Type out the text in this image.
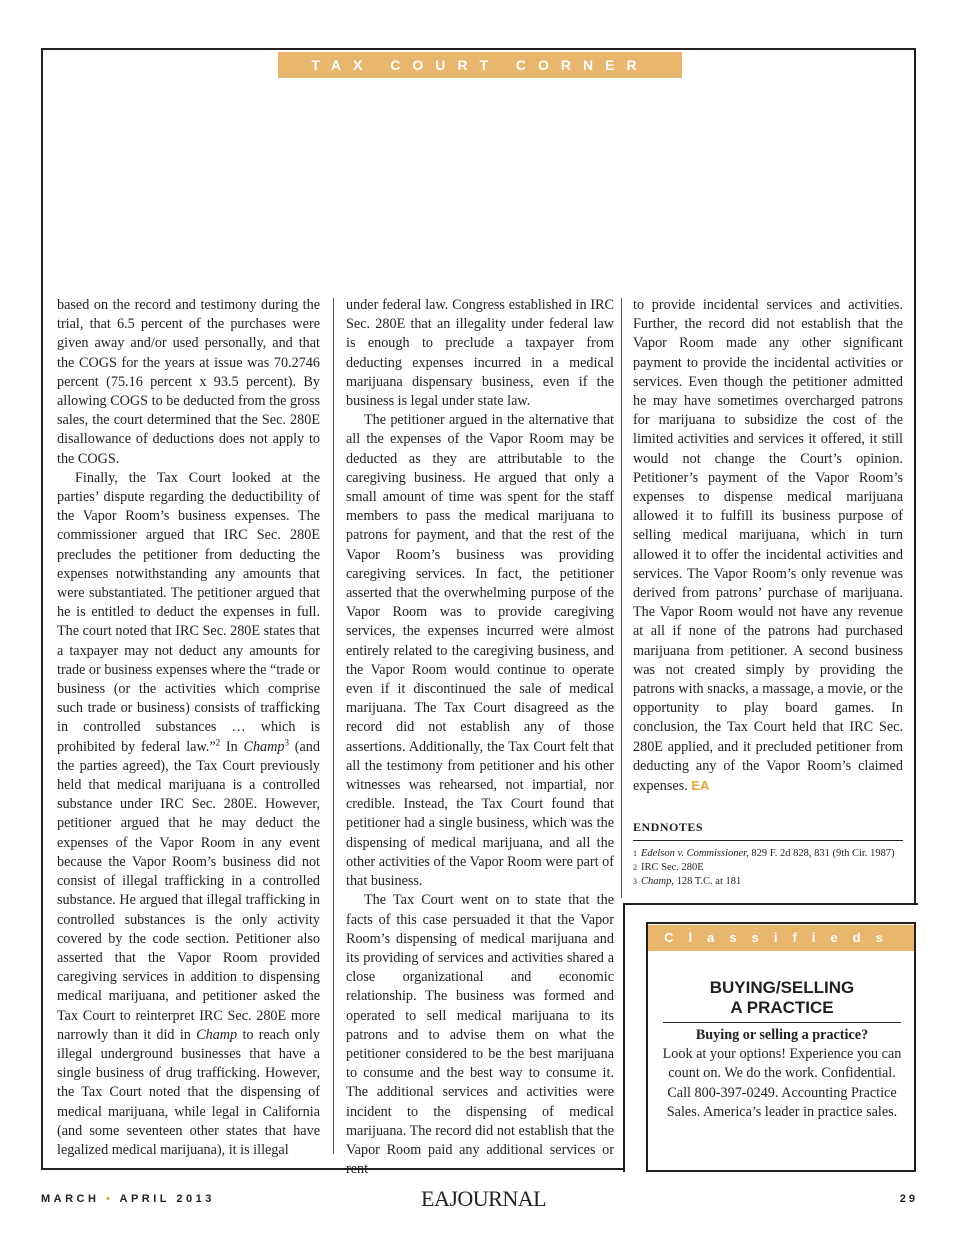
TAX COURT CORNER

based on the record and testimony during the trial, that 6.5 percent of the purchases were given away and/or used personally, and that the COGS for the years at issue was 70.2746 percent (75.16 percent x 93.5 percent). By allowing COGS to be deducted from the gross sales, the court determined that the Sec. 280E disallowance of deductions does not apply to the COGS.

Finally, the Tax Court looked at the parties’ dispute regarding the deductibility of the Vapor Room’s business expenses. The commissioner argued that IRC Sec. 280E precludes the petitioner from deducting the expenses notwithstanding any amounts that were substantiated. The petitioner argued that he is entitled to deduct the expenses in full. The court noted that IRC Sec. 280E states that a taxpayer may not deduct any amounts for trade or business expenses where the “trade or business (or the activities which comprise such trade or business) consists of trafficking in controlled substances … which is prohibited by federal law.”$^2$ In Champ$^3$ (and the parties agreed), the Tax Court previously held that medical marijuana is a controlled substance under IRC Sec. 280E. However, petitioner argued that he may deduct the expenses of the Vapor Room in any event because the Vapor Room’s business did not consist of illegal trafficking in a controlled substance. He argued that illegal trafficking in controlled substances is the only activity covered by the code section. Petitioner also asserted that the Vapor Room provided caregiving services in addition to dispensing medical marijuana, and petitioner asked the Tax Court to reinterpret IRC Sec. 280E more narrowly than it did in Champ to reach only illegal underground businesses that have a single business of drug trafficking. However, the Tax Court noted that the dispensing of medical marijuana, while legal in California (and some seventeen other states that have legalized medical marijuana), it is illegal

under federal law. Congress established in IRC Sec. 280E that an illegality under federal law is enough to preclude a taxpayer from deducting expenses incurred in a medical marijuana dispensary business, even if the business is legal under state law.

The petitioner argued in the alternative that all the expenses of the Vapor Room may be deducted as they are attributable to the caregiving business. He argued that only a small amount of time was spent for the staff members to pass the medical marijuana to patrons for payment, and that the rest of the Vapor Room’s business was providing caregiving services. In fact, the petitioner asserted that the overwhelming purpose of the Vapor Room was to provide caregiving services, the expenses incurred were almost entirely related to the caregiving business, and the Vapor Room would continue to operate even if it discontinued the sale of medical marijuana. The Tax Court disagreed as the record did not establish any of those assertions. Additionally, the Tax Court felt that all the testimony from petitioner and his other witnesses was rehearsed, not impartial, nor credible. Instead, the Tax Court found that petitioner had a single business, which was the dispensing of medical marijuana, and all the other activities of the Vapor Room were part of that business.

The Tax Court went on to state that the facts of this case persuaded it that the Vapor Room’s dispensing of medical marijuana and its providing of services and activities shared a close organizational and economic relationship. The business was formed and operated to sell medical marijuana to its patrons and to advise them on what the petitioner considered to be the best marijuana to consume and the best way to consume it. The additional services and activities were incident to the dispensing of medical marijuana. The record did not establish that the Vapor Room paid any additional services or rent

to provide incidental services and activities. Further, the record did not establish that the Vapor Room made any other significant payment to provide the incidental activities or services. Even though the petitioner admitted he may have sometimes overcharged patrons for marijuana to subsidize the cost of the limited activities and services it offered, it still would not change the Court’s opinion. Petitioner’s payment of the Vapor Room’s expenses to dispense medical marijuana allowed it to fulfill its business purpose of selling medical marijuana, which in turn allowed it to offer the incidental activities and services. The Vapor Room’s only revenue was derived from patrons’ purchase of marijuana. The Vapor Room would not have any revenue at all if none of the patrons had purchased marijuana from petitioner. A second business was not created simply by providing the patrons with snacks, a massage, a movie, or the opportunity to play board games. In conclusion, the Tax Court held that IRC Sec. 280E applied, and it precluded petitioner from deducting any of the Vapor Room’s claimed expenses. EA

ENDNOTES
1 Edelson v. Commissioner, 829 F. 2d 828, 831 (9th Cir. 1987)
2 IRC Sec. 280E
3 Champ, 128 T.C. at 181
Classifieds
BUYING/SELLING
A PRACTICE
Buying or selling a practice?
Look at your options! Experience you can count on. We do the work. Confidential. Call 800-397-0249. Accounting Practice Sales. America’s leader in practice sales.
MARCH • APRIL 2013	EAJOURNAL	29
